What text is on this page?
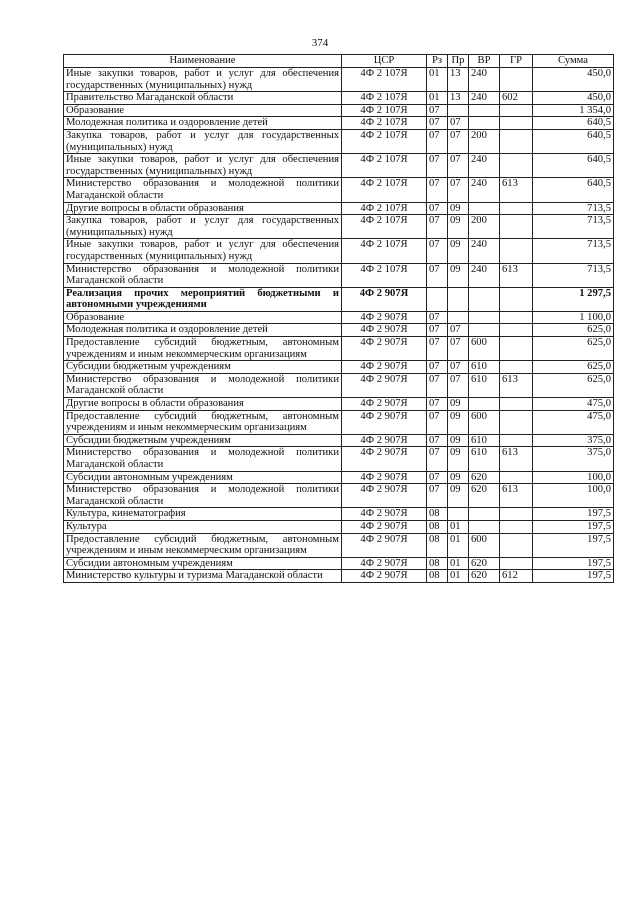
374
Наименование	ЦСР	Рз	Пр	ВР	ГР	Сумма
Иные закупки товаров, работ и услуг для обеспечения государственных (муниципальных) нужд	4Ф 2 107Я	01	13	240		450,0
Правительство Магаданской области	4Ф 2 107Я	01	13	240	602	450,0
Образование	4Ф 2 107Я	07				1 354,0
Молодежная политика и оздоровление детей	4Ф 2 107Я	07	07			640,5
Закупка товаров, работ и услуг для государственных (муниципальных) нужд	4Ф 2 107Я	07	07	200		640,5
Иные закупки товаров, работ и услуг для обеспечения государственных (муниципальных) нужд	4Ф 2 107Я	07	07	240		640,5
Министерство образования и молодежной политики Магаданской области	4Ф 2 107Я	07	07	240	613	640,5
Другие вопросы в области образования	4Ф 2 107Я	07	09			713,5
Закупка товаров, работ и услуг для государственных (муниципальных) нужд	4Ф 2 107Я	07	09	200		713,5
Иные закупки товаров, работ и услуг для обеспечения государственных (муниципальных) нужд	4Ф 2 107Я	07	09	240		713,5
Министерство образования и молодежной политики Магаданской области	4Ф 2 107Я	07	09	240	613	713,5
Реализация прочих мероприятий бюджетными и автономными учреждениями	4Ф 2 907Я					1 297,5
Образование	4Ф 2 907Я	07				1 100,0
Молодежная политика и оздоровление детей	4Ф 2 907Я	07	07			625,0
Предоставление субсидий бюджетным, автономным учреждениям и иным некоммерческим организациям	4Ф 2 907Я	07	07	600		625,0
Субсидии бюджетным учреждениям	4Ф 2 907Я	07	07	610		625,0
Министерство образования и молодежной политики Магаданской области	4Ф 2 907Я	07	07	610	613	625,0
Другие вопросы в области образования	4Ф 2 907Я	07	09			475,0
Предоставление субсидий бюджетным, автономным учреждениям и иным некоммерческим организациям	4Ф 2 907Я	07	09	600		475,0
Субсидии бюджетным учреждениям	4Ф 2 907Я	07	09	610		375,0
Министерство образования и молодежной политики Магаданской области	4Ф 2 907Я	07	09	610	613	375,0
Субсидии автономным учреждениям	4Ф 2 907Я	07	09	620		100,0
Министерство образования и молодежной политики Магаданской области	4Ф 2 907Я	07	09	620	613	100,0
Культура, кинематография	4Ф 2 907Я	08				197,5
Культура	4Ф 2 907Я	08	01			197,5
Предоставление субсидий бюджетным, автономным учреждениям и иным некоммерческим организациям	4Ф 2 907Я	08	01	600		197,5
Субсидии автономным учреждениям	4Ф 2 907Я	08	01	620		197,5
Министерство культуры и туризма Магаданской области	4Ф 2 907Я	08	01	620	612	197,5
